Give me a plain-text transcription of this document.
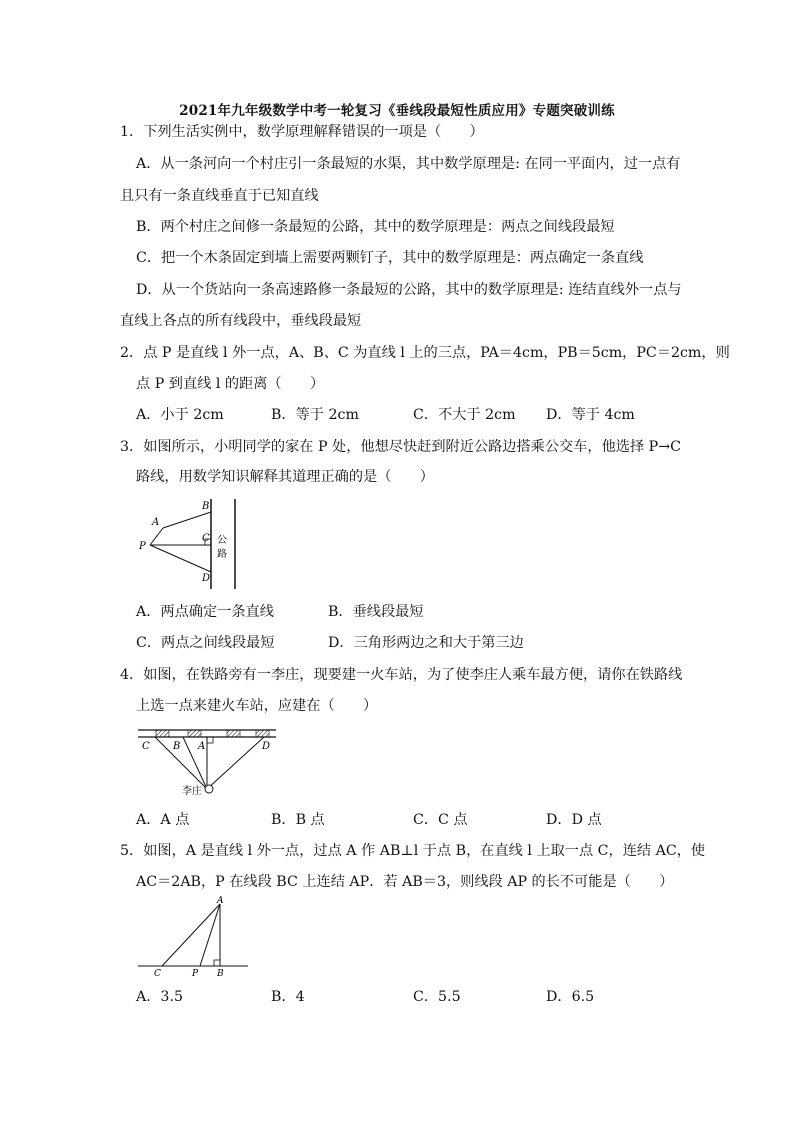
2021年九年级数学中考一轮复习《垂线段最短性质应用》专题突破训练
1．下列生活实例中，数学原理解释错误的一项是（　　）
A．从一条河向一个村庄引一条最短的水渠，其中数学原理是: 在同一平面内，过一点有
且只有一条直线垂直于已知直线
B．两个村庄之间修一条最短的公路，其中的数学原理是：两点之间线段最短
C．把一个木条固定到墙上需要两颗钉子，其中的数学原理是：两点确定一条直线
D．从一个货站向一条高速路修一条最短的公路，其中的数学原理是: 连结直线外一点与
直线上各点的所有线段中，垂线段最短
2．点 P 是直线 l 外一点，A、B、C 为直线 l 上的三点，PA＝4cm，PB＝5cm，PC＝2cm，则
点 P 到直线 l 的距离（　　）
A．小于 2cm	B．等于 2cm	C．不大于 2cm D．等于 4cm
3．如图所示，小明同学的家在 P 处，他想尽快赶到附近公路边搭乘公交车，他选择 P→C
路线，用数学知识解释其道理正确的是（　　）
B
A
P
C
D
公
路
A．两点确定一条直线	B．垂线段最短
C．两点之间线段最短	D．三角形两边之和大于第三边
4．如图，在铁路旁有一李庄，现要建一火车站，为了使李庄人乘车最方便，请你在铁路线
上选一点来建火车站，应建在（　　）
C B A	D
李庄
A．A 点	B．B 点	C．C 点	D．D 点
5．如图，A 是直线 l 外一点，过点 A 作 AB⊥l 于点 B，在直线 l 上取一点 C，连结 AC，使
AC＝2AB，P 在线段 BC 上连结 AP．若 AB＝3，则线段 AP 的长不可能是（　　）
A
C	P B
A．3.5	B．4	C．5.5	D．6.5
